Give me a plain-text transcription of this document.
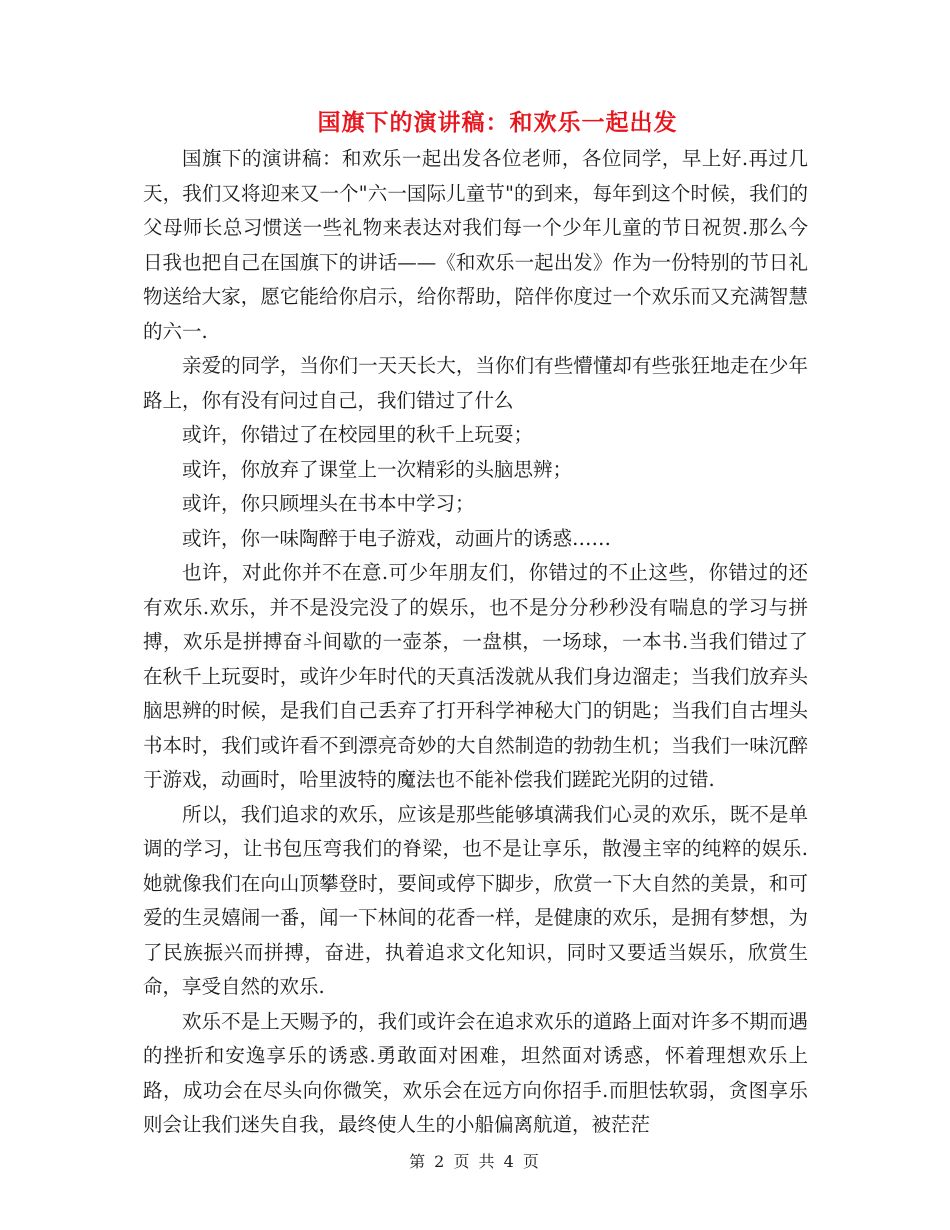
国旗下的演讲稿：和欢乐一起出发

国旗下的演讲稿：和欢乐一起出发各位老师，各位同学，早上好.再过几天，我们又将迎来又一个"六一国际儿童节"的到来，每年到这个时候，我们的父母师长总习惯送一些礼物来表达对我们每一个少年儿童的节日祝贺.那么今日我也把自己在国旗下的讲话——《和欢乐一起出发》作为一份特别的节日礼物送给大家，愿它能给你启示，给你帮助，陪伴你度过一个欢乐而又充满智慧的六一.

亲爱的同学，当你们一天天长大，当你们有些懵懂却有些张狂地走在少年路上，你有没有问过自己，我们错过了什么

或许，你错过了在校园里的秋千上玩耍；

或许，你放弃了课堂上一次精彩的头脑思辨；

或许，你只顾埋头在书本中学习；

或许，你一味陶醉于电子游戏，动画片的诱惑……

也许，对此你并不在意.可少年朋友们，你错过的不止这些，你错过的还有欢乐.欢乐，并不是没完没了的娱乐，也不是分分秒秒没有喘息的学习与拼搏，欢乐是拼搏奋斗间歇的一壶茶，一盘棋，一场球，一本书.当我们错过了在秋千上玩耍时，或许少年时代的天真活泼就从我们身边溜走；当我们放弃头脑思辨的时候，是我们自己丢弃了打开科学神秘大门的钥匙；当我们自古埋头书本时，我们或许看不到漂亮奇妙的大自然制造的勃勃生机；当我们一味沉醉于游戏，动画时，哈里波特的魔法也不能补偿我们蹉跎光阴的过错.

所以，我们追求的欢乐，应该是那些能够填满我们心灵的欢乐，既不是单调的学习，让书包压弯我们的脊梁，也不是让享乐，散漫主宰的纯粹的娱乐.她就像我们在向山顶攀登时，要间或停下脚步，欣赏一下大自然的美景，和可爱的生灵嬉闹一番，闻一下林间的花香一样，是健康的欢乐，是拥有梦想，为了民族振兴而拼搏，奋进，执着追求文化知识，同时又要适当娱乐，欣赏生命，享受自然的欢乐.

欢乐不是上天赐予的，我们或许会在追求欢乐的道路上面对许多不期而遇的挫折和安逸享乐的诱惑.勇敢面对困难，坦然面对诱惑，怀着理想欢乐上路，成功会在尽头向你微笑，欢乐会在远方向你招手.而胆怯软弱，贪图享乐则会让我们迷失自我，最终使人生的小船偏离航道，被茫茫

第 2 页 共 4 页
